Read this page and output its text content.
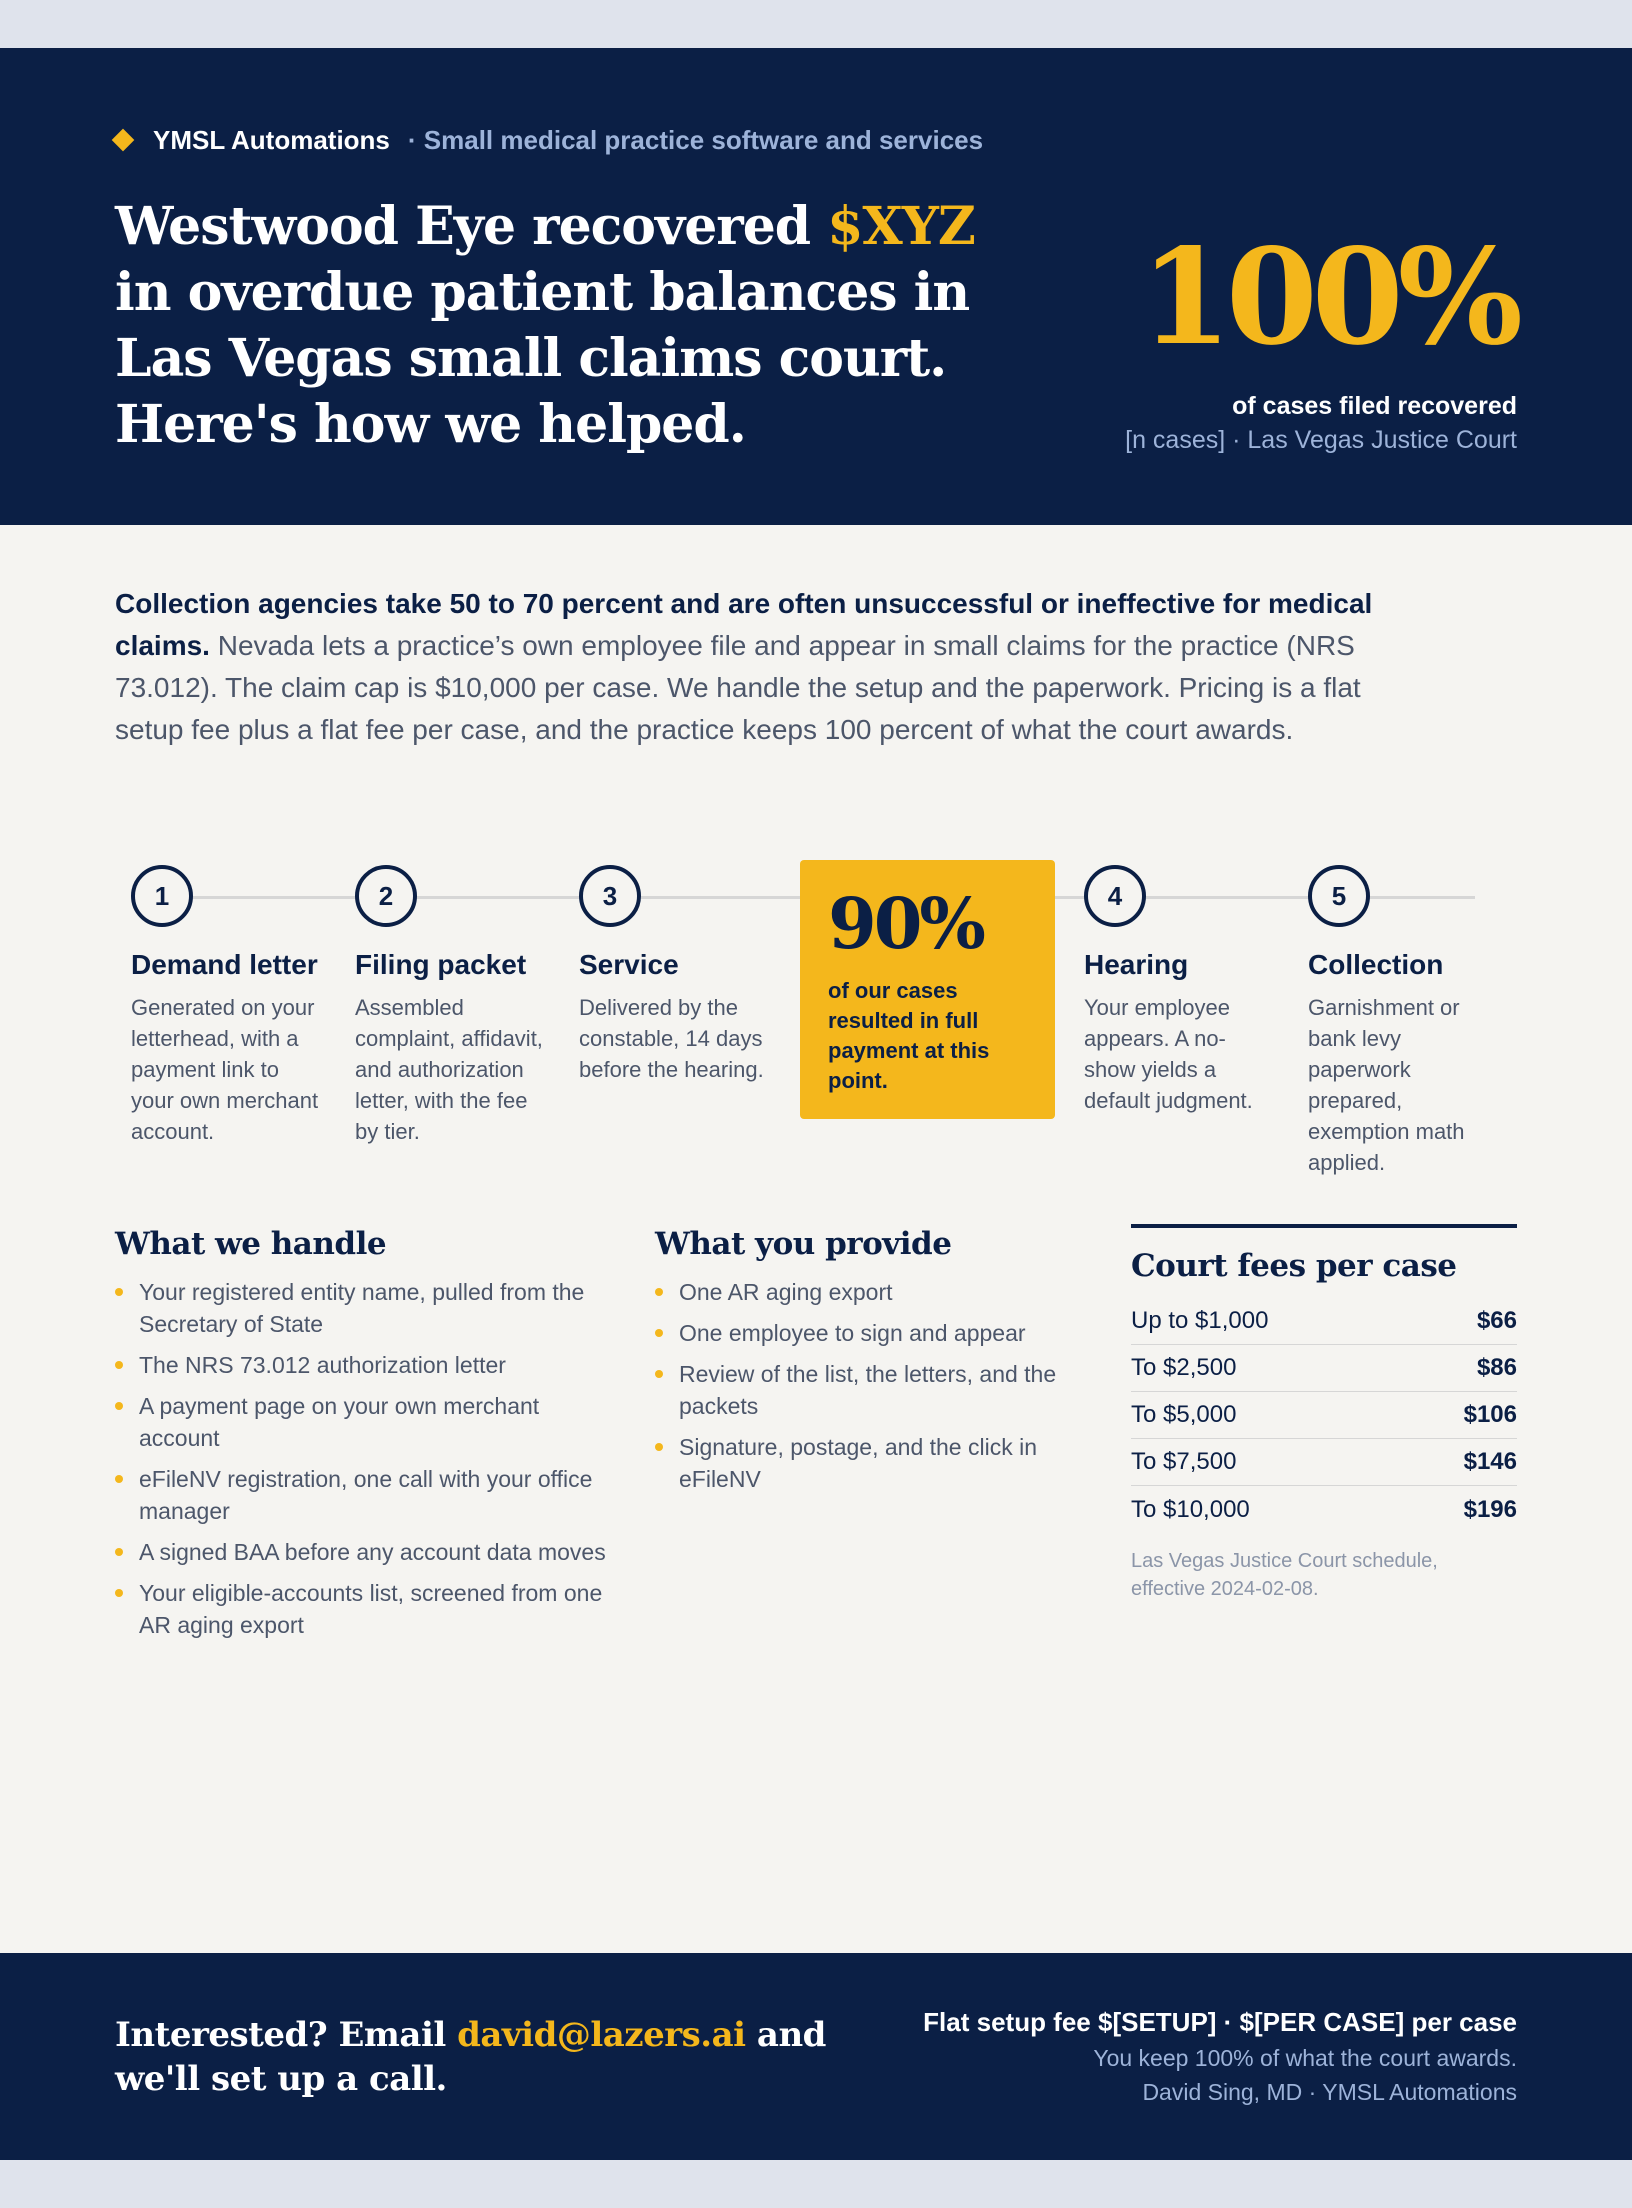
YMSL Automations · Small medical practice software and services
Westwood Eye recovered $XYZ in overdue patient balances in Las Vegas small claims court. Here's how we helped.
100%
of cases filed recovered
[n cases] · Las Vegas Justice Court

Collection agencies take 50 to 70 percent and are often unsuccessful or ineffective for medical claims. Nevada lets a practice’s own employee file and appear in small claims for the practice (NRS 73.012). The claim cap is $10,000 per case. We handle the setup and the paperwork. Pricing is a flat setup fee plus a flat fee per case, and the practice keeps 100 percent of what the court awards.

1
Demand letter
Generated on your letterhead, with a payment link to your own merchant account.
2
Filing packet
Assembled complaint, affidavit, and authorization letter, with the fee by tier.
3
Service
Delivered by the constable, 14 days before the hearing.
90%
of our cases resulted in full payment at this point.
4
Hearing
Your employee appears. A no-show yields a default judgment.
5
Collection
Garnishment or bank levy paperwork prepared, exemption math applied.
What we handle
Your registered entity name, pulled from the Secretary of State
The NRS 73.012 authorization letter
A payment page on your own merchant account
eFileNV registration, one call with your office manager
A signed BAA before any account data moves
Your eligible-accounts list, screened from one AR aging export
What you provide
One AR aging export
One employee to sign and appear
Review of the list, the letters, and the packets
Signature, postage, and the click in eFileNV
Court fees per case
Up to $1,000	$66
To $2,500	$86
To $5,000	$106
To $7,500	$146
To $10,000	$196

Las Vegas Justice Court schedule, effective 2024-02-08.

Interested? Email david@lazers.ai and we'll set up a call.

Flat setup fee $[SETUP] · $[PER CASE] per case
You keep 100% of what the court awards.
David Sing, MD · YMSL Automations
